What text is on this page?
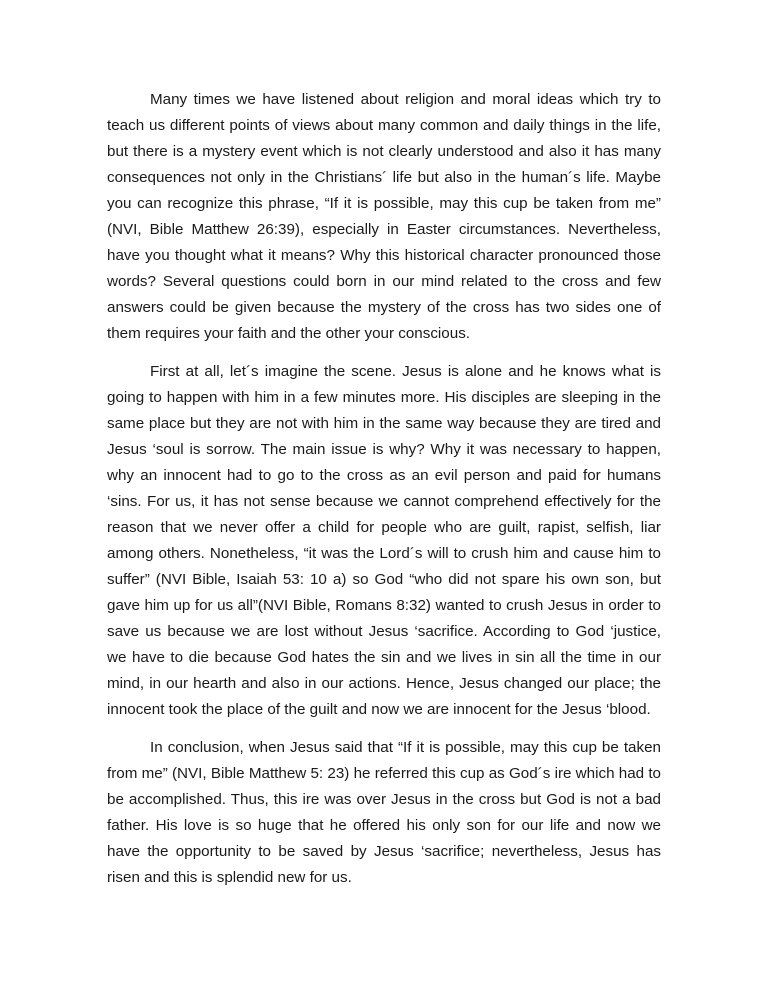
Many times we have listened about religion and moral ideas which try to teach us different points of views about many common and daily things in the life, but there is a mystery event which is not clearly understood and also it has many consequences not only in the Christians´ life but also in the human´s life. Maybe you can recognize this phrase, “If it is possible, may this cup be taken from me” (NVI, Bible Matthew 26:39), especially in Easter circumstances. Nevertheless, have you thought what it means? Why this historical character pronounced those words? Several questions could born in our mind related to the cross and few answers could be given because the mystery of the cross has two sides one of them requires your faith and the other your conscious.

First at all, let´s imagine the scene. Jesus is alone and he knows what is going to happen with him in a few minutes more. His disciples are sleeping in the same place but they are not with him in the same way because they are tired and Jesus ‘soul is sorrow. The main issue is why? Why it was necessary to happen, why an innocent had to go to the cross as an evil person and paid for humans ‘sins. For us, it has not sense because we cannot comprehend effectively for the reason that we never offer a child for people who are guilt, rapist, selfish, liar among others. Nonetheless, “it was the Lord´s will to crush him and cause him to suffer” (NVI Bible, Isaiah 53: 10 a) so God “who did not spare his own son, but gave him up for us all”(NVI Bible, Romans 8:32) wanted to crush Jesus in order to save us because we are lost without Jesus ‘sacrifice. According to God ‘justice, we have to die because God hates the sin and we lives in sin all the time in our mind, in our hearth and also in our actions. Hence, Jesus changed our place; the innocent took the place of the guilt and now we are innocent for the Jesus ‘blood.

In conclusion, when Jesus said that “If it is possible, may this cup be taken from me” (NVI, Bible Matthew 5: 23) he referred this cup as God´s ire which had to be accomplished. Thus, this ire was over Jesus in the cross but God is not a bad father. His love is so huge that he offered his only son for our life and now we have the opportunity to be saved by Jesus ‘sacrifice; nevertheless, Jesus has risen and this is splendid new for us.
